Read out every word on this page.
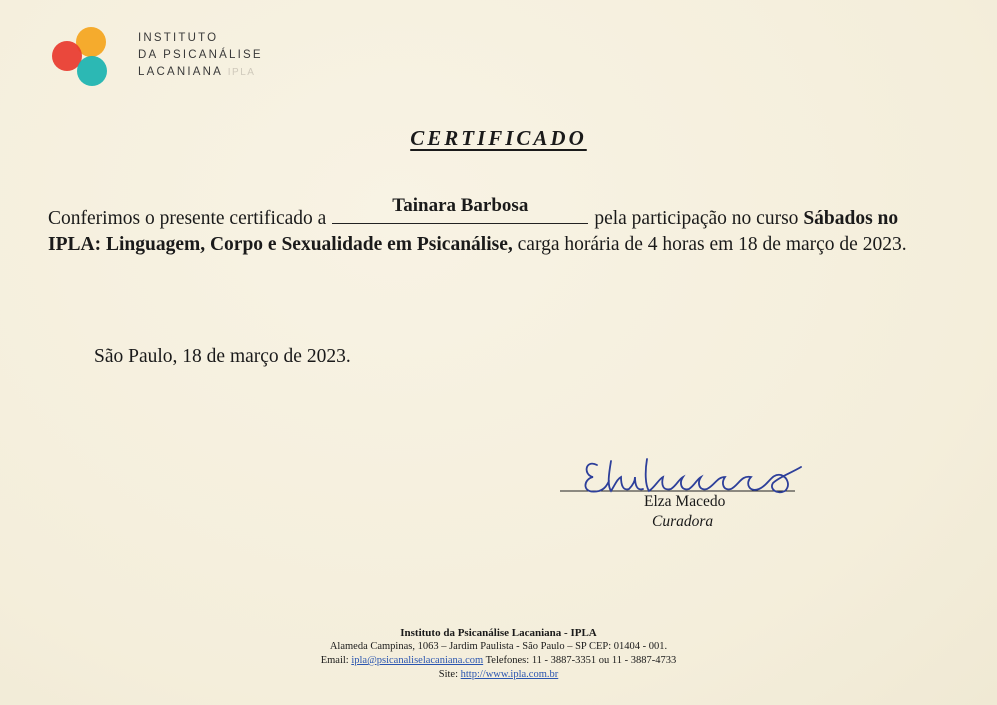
INSTITUTO
DA PSICANÁLISE
LACANIANA IPLA
CERTIFICADO
Conferimos o presente certificado a
Tainara Barbosa
pela participação no curso Sábados no IPLA: Linguagem, Corpo e Sexualidade em Psicanálise, carga horária de 4 horas em 18 de março de 2023.
São Paulo, 18 de março de 2023.
Elza Macedo
Curadora
Instituto da Psicanálise Lacaniana - IPLA
Alameda Campinas, 1063 – Jardim Paulista - São Paulo – SP CEP: 01404 - 001.
Email: ipla@psicanaliselacaniana.com Telefones: 11 - 3887-3351 ou 11 - 3887-4733
Site: http://www.ipla.com.br
